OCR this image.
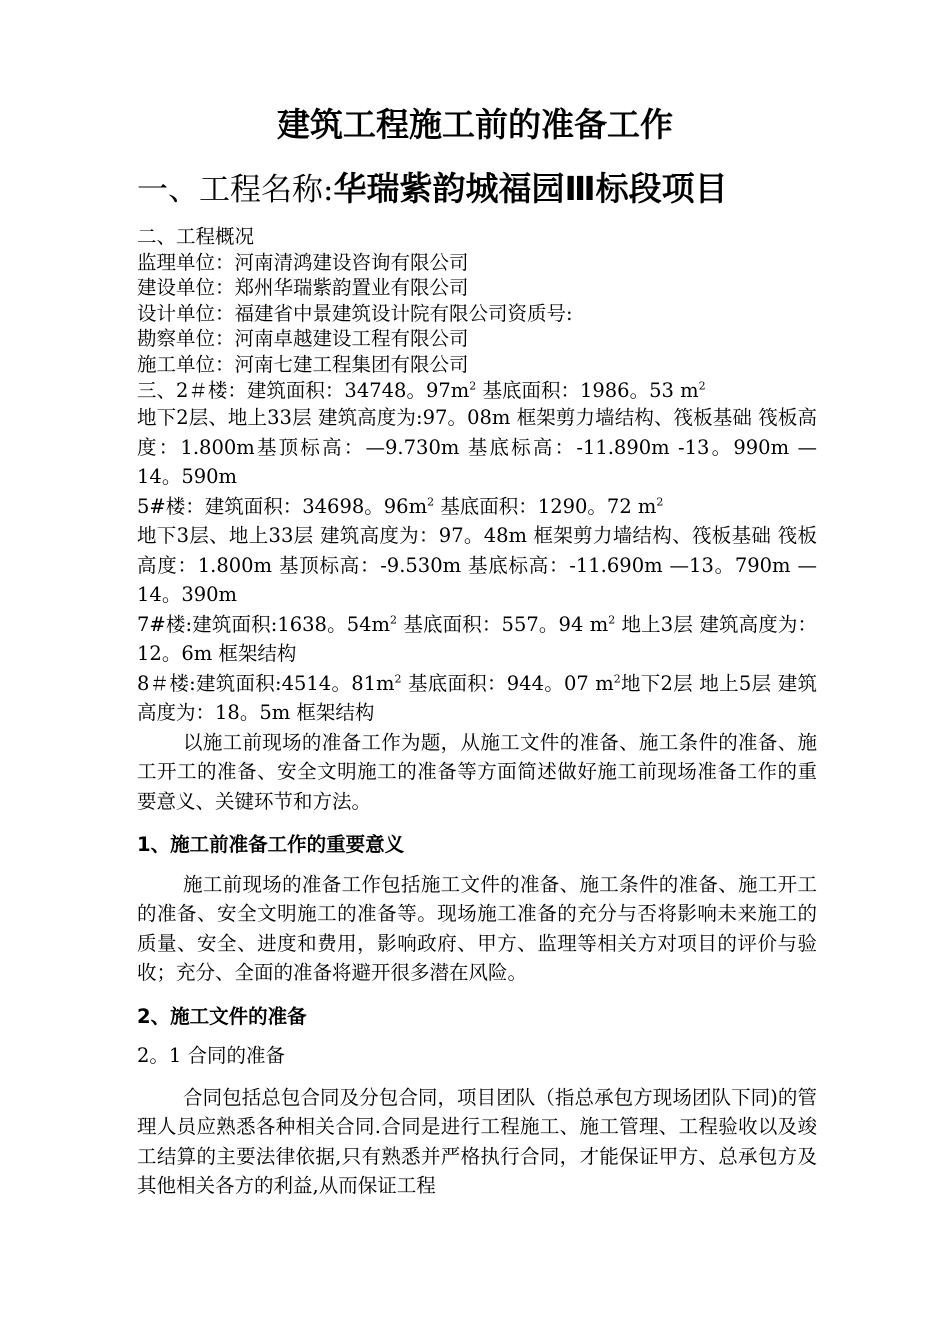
建筑工程施工前的准备工作
一、工程名称:华瑞紫韵城福园Ⅲ标段项目

二、工程概况

监理单位：河南清鸿建设咨询有限公司

建设单位：郑州华瑞紫韵置业有限公司

设计单位：福建省中景建筑设计院有限公司资质号:

勘察单位：河南卓越建设工程有限公司

施工单位：河南七建工程集团有限公司

三、2＃楼：建筑面积：34748。$97m^2$ 基底面积：1986。53 $m^2$

地下2层、地上33层 建筑高度为:97。08m 框架剪力墙结构、筏板基础 筏板高度：1.800m基顶标高：—9.730m 基底标高：-11.890m -13。990m —14。590m

5#楼：建筑面积：34698。$96m^2$ 基底面积：1290。72 $m^2$

地下3层、地上33层 建筑高度为：97。48m 框架剪力墙结构、筏板基础 筏板高度：1.800m 基顶标高：-9.530m 基底标高：-11.690m —13。790m —14。390m

7#楼:建筑面积:1638。$54m^2$ 基底面积：557。94 $m^2$ 地上3层 建筑高度为：12。6m 框架结构

8＃楼:建筑面积:4514。$81m^2$ 基底面积：944。07 $m^2$地下2层 地上5层 建筑高度为：18。5m 框架结构

以施工前现场的准备工作为题，从施工文件的准备、施工条件的准备、施工开工的准备、安全文明施工的准备等方面简述做好施工前现场准备工作的重要意义、关键环节和方法。

1、施工前准备工作的重要意义

施工前现场的准备工作包括施工文件的准备、施工条件的准备、施工开工的准备、安全文明施工的准备等。现场施工准备的充分与否将影响未来施工的质量、安全、进度和费用，影响政府、甲方、监理等相关方对项目的评价与验收；充分、全面的准备将避开很多潜在风险。

2、施工文件的准备

2。1 合同的准备

合同包括总包合同及分包合同，项目团队（指总承包方现场团队下同)的管理人员应熟悉各种相关合同.合同是进行工程施工、施工管理、工程验收以及竣工结算的主要法律依据,只有熟悉并严格执行合同，才能保证甲方、总承包方及其他相关各方的利益,从而保证工程
